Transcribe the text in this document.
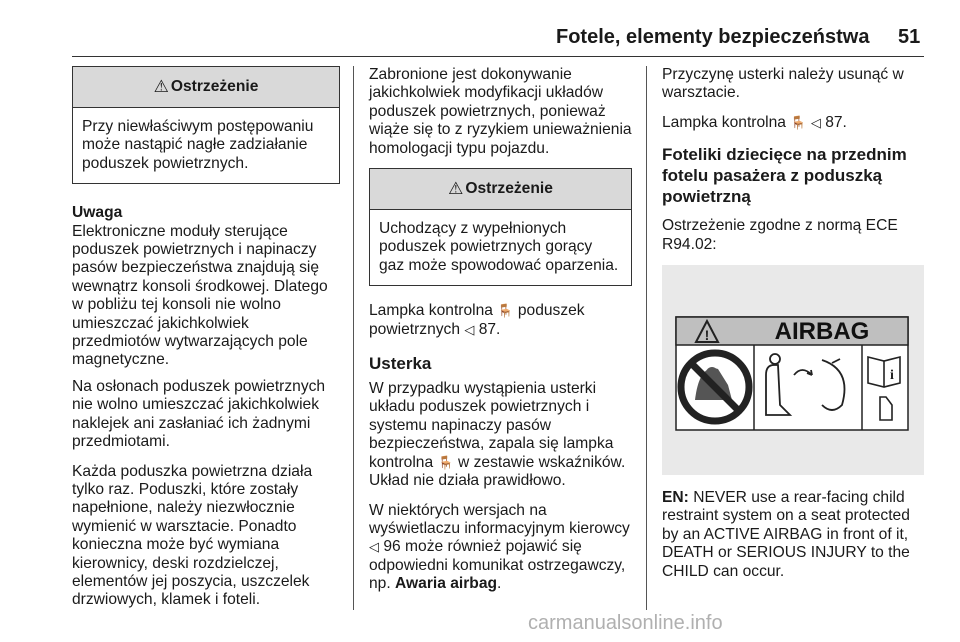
Fotele, elementy bezpieczeństwa 51
⚠ Ostrzeżenie
Przy niewłaściwym postępowaniu może nastąpić nagłe zadziałanie poduszek powietrznych.
Uwaga

Elektroniczne moduły sterujące poduszek powietrznych i napinaczy pasów bezpieczeństwa znajdują się wewnątrz konsoli środkowej. Dlatego w pobliżu tej konsoli nie wolno umieszczać jakichkolwiek przedmiotów wytwarzających pole magnetyczne.

Na osłonach poduszek powietrznych nie wolno umieszczać jakichkolwiek naklejek ani zasłaniać ich żadnymi przedmiotami.

Każda poduszka powietrzna działa tylko raz. Poduszki, które zostały napełnione, należy niezwłocznie wymienić w warsztacie. Ponadto konieczna może być wymiana kierownicy, deski rozdzielczej, elementów jej poszycia, uszczelek drzwiowych, klamek i foteli.

Zabronione jest dokonywanie jakichkolwiek modyfikacji układów poduszek powietrznych, ponieważ wiąże się to z ryzykiem unieważnienia homologacji typu pojazdu.

⚠ Ostrzeżenie
Uchodzący z wypełnionych poduszek powietrznych gorący gaz może spowodować oparzenia.

Lampka kontrolna 🪑 poduszek powietrznych ◁ 87.

Usterka

W przypadku wystąpienia usterki układu poduszek powietrznych i systemu napinaczy pasów bezpieczeństwa, zapala się lampka kontrolna 🪑 w zestawie wskaźników. Układ nie działa prawidłowo.

W niektórych wersjach na wyświetlaczu informacyjnym kierowcy ◁ 96 może również pojawić się odpowiedni komunikat ostrzegawczy, np. Awaria airbag.

Przyczynę usterki należy usunąć w warsztacie.

Lampka kontrolna 🪑 ◁ 87.

Foteliki dziecięce na przednim fotelu pasażera z poduszką powietrzną

Ostrzeżenie zgodne z normą ECE R94.02:

!	AIRBAG
i

EN: NEVER use a rear-facing child restraint system on a seat protected by an ACTIVE AIRBAG in front of it, DEATH or SERIOUS INJURY to the CHILD can occur.

carmanualsonline.info
